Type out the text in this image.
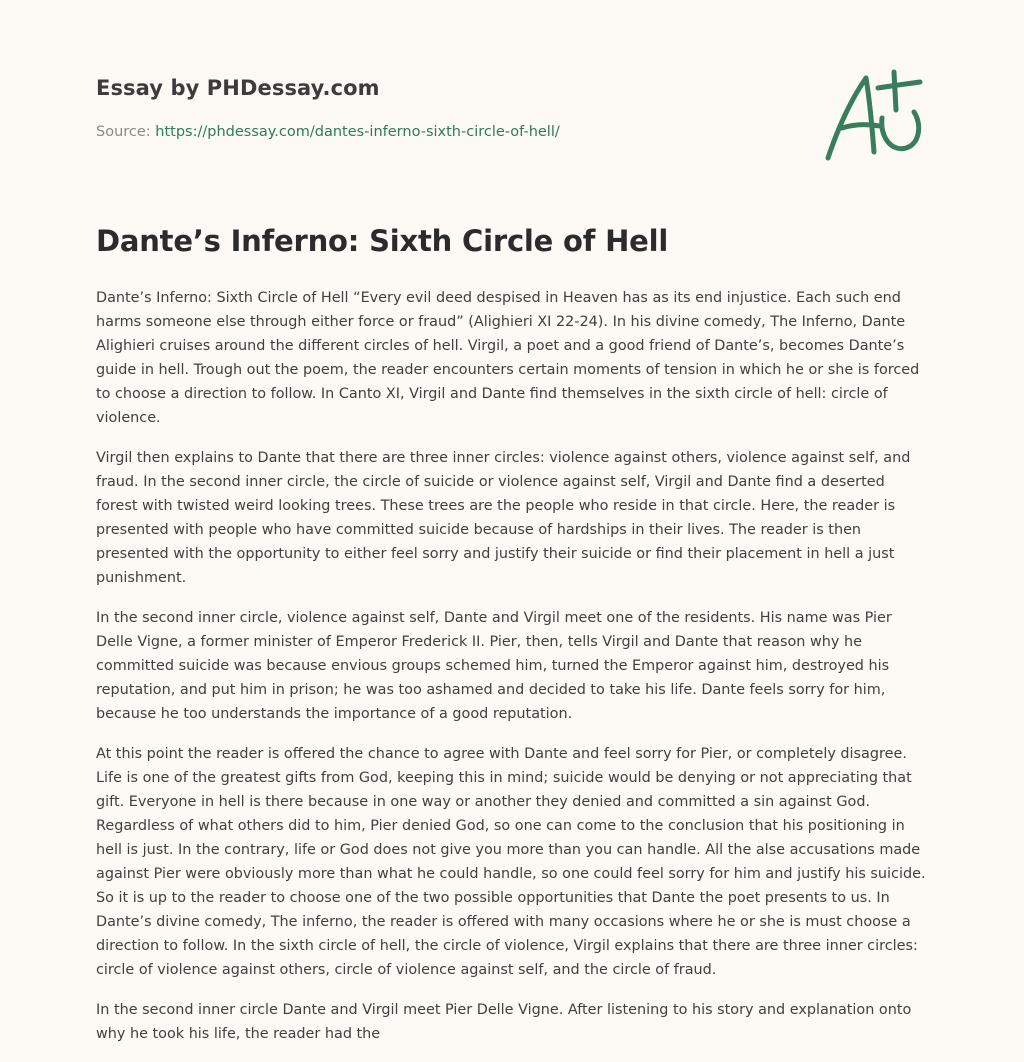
Essay by PHDessay.com
Source: https://phdessay.com/dantes-inferno-sixth-circle-of-hell/
Dante’s Inferno: Sixth Circle of Hell

Dante’s Inferno: Sixth Circle of Hell “Every evil deed despised in Heaven has as its end injustice. Each such end harms someone else through either force or fraud” (Alighieri XI 22-24). In his divine comedy, The Inferno, Dante Alighieri cruises around the different circles of hell. Virgil, a poet and a good friend of Dante’s, becomes Dante’s guide in hell. Trough out the poem, the reader encounters certain moments of tension in which he or she is forced to choose a direction to follow. In Canto XI, Virgil and Dante find themselves in the sixth circle of hell: circle of violence.

Virgil then explains to Dante that there are three inner circles: violence against others, violence against self, and fraud. In the second inner circle, the circle of suicide or violence against self, Virgil and Dante find a deserted forest with twisted weird looking trees. These trees are the people who reside in that circle. Here, the reader is presented with people who have committed suicide because of hardships in their lives. The reader is then presented with the opportunity to either feel sorry and justify their suicide or find their placement in hell a just punishment.

In the second inner circle, violence against self, Dante and Virgil meet one of the residents. His name was Pier Delle Vigne, a former minister of Emperor Frederick II. Pier, then, tells Virgil and Dante that reason why he committed suicide was because envious groups schemed him, turned the Emperor against him, destroyed his reputation, and put him in prison; he was too ashamed and decided to take his life. Dante feels sorry for him, because he too understands the importance of a good reputation.

At this point the reader is offered the chance to agree with Dante and feel sorry for Pier, or completely disagree. Life is one of the greatest gifts from God, keeping this in mind; suicide would be denying or not appreciating that gift. Everyone in hell is there because in one way or another they denied and committed a sin against God. Regardless of what others did to him, Pier denied God, so one can come to the conclusion that his positioning in hell is just. In the contrary, life or God does not give you more than you can handle. All the alse accusations made against Pier were obviously more than what he could handle, so one could feel sorry for him and justify his suicide. So it is up to the reader to choose one of the two possible opportunities that Dante the poet presents to us. In Dante’s divine comedy, The inferno, the reader is offered with many occasions where he or she is must choose a direction to follow. In the sixth circle of hell, the circle of violence, Virgil explains that there are three inner circles: circle of violence against others, circle of violence against self, and the circle of fraud.

In the second inner circle Dante and Virgil meet Pier Delle Vigne. After listening to his story and explanation onto why he took his life, the reader had the
